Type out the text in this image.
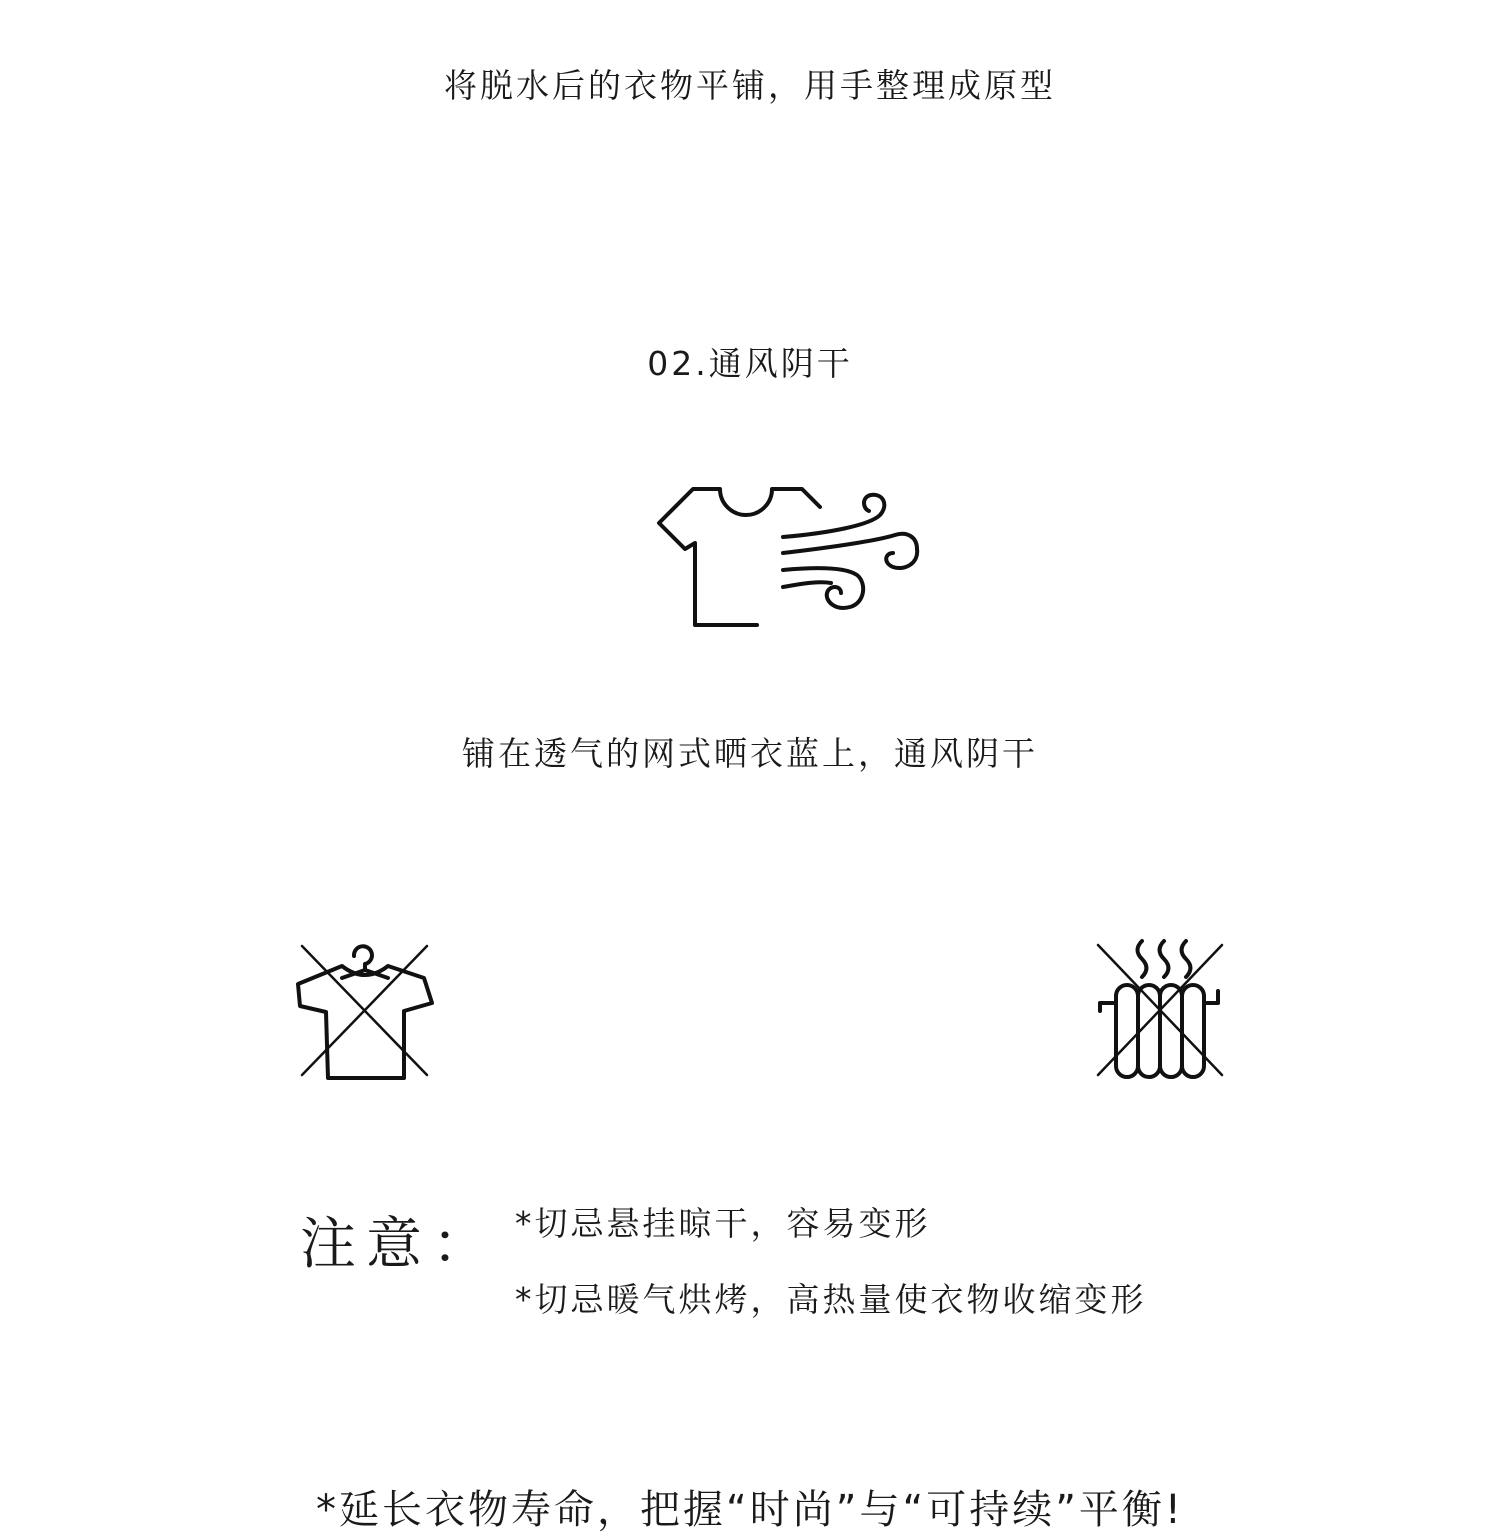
将脱水后的衣物平铺，用手整理成原型
02.通风阴干
铺在透气的网式晒衣蓝上，通风阴干
注意： *切忌悬挂晾干，容易变形
*切忌暖气烘烤，高热量使衣物收缩变形
*延长衣物寿命，把握“时尚”与“可持续”平衡!
